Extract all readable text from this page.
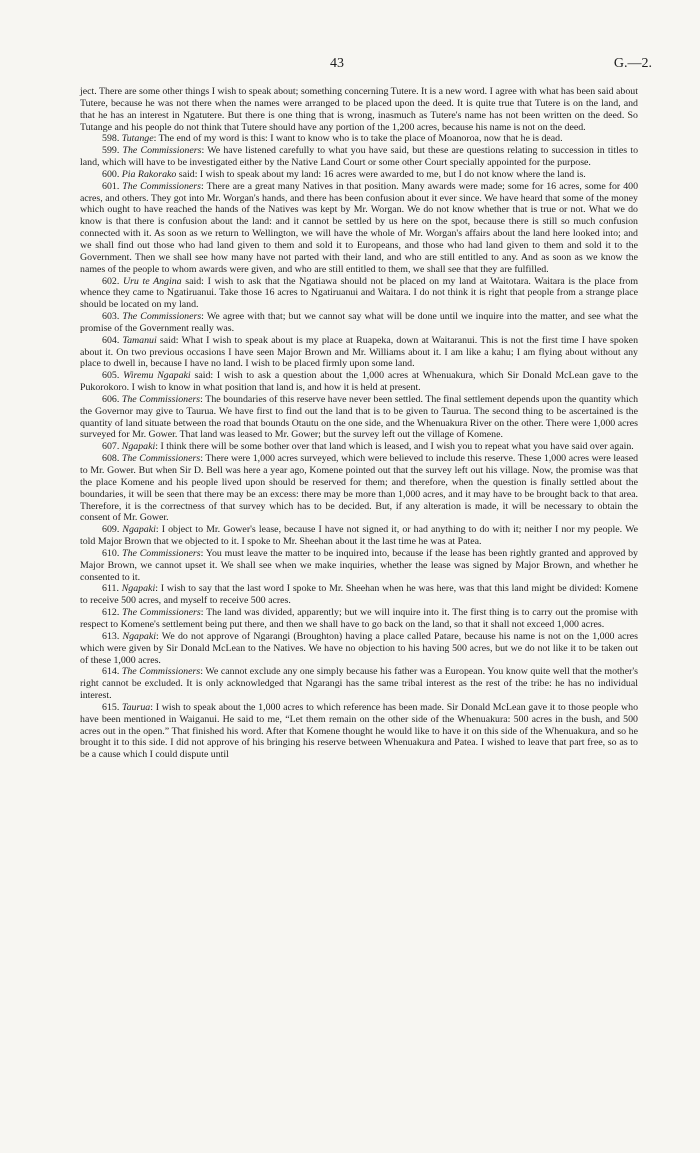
43	G.—2.

ject. There are some other things I wish to speak about; something concerning Tutere. It is a new word. I agree with what has been said about Tutere, because he was not there when the names were arranged to be placed upon the deed. It is quite true that Tutere is on the land, and that he has an interest in Ngatutere. But there is one thing that is wrong, inasmuch as Tutere's name has not been written on the deed. So Tutange and his people do not think that Tutere should have any portion of the 1,200 acres, because his name is not on the deed.

598. Tutange: The end of my word is this: I want to know who is to take the place of Moanoroa, now that he is dead.

599. The Commissioners: We have listened carefully to what you have said, but these are questions relating to succession in titles to land, which will have to be investigated either by the Native Land Court or some other Court specially appointed for the purpose.

600. Pia Rakorako said: I wish to speak about my land: 16 acres were awarded to me, but I do not know where the land is.

601. The Commissioners: There are a great many Natives in that position. Many awards were made; some for 16 acres, some for 400 acres, and others. They got into Mr. Worgan's hands, and there has been confusion about it ever since. We have heard that some of the money which ought to have reached the hands of the Natives was kept by Mr. Worgan. We do not know whether that is true or not. What we do know is that there is confusion about the land: and it cannot be settled by us here on the spot, because there is still so much confusion connected with it. As soon as we return to Wellington, we will have the whole of Mr. Worgan's affairs about the land here looked into; and we shall find out those who had land given to them and sold it to Europeans, and those who had land given to them and sold it to the Government. Then we shall see how many have not parted with their land, and who are still entitled to any. And as soon as we know the names of the people to whom awards were given, and who are still entitled to them, we shall see that they are fulfilled.

602. Uru te Angina said: I wish to ask that the Ngatiawa should not be placed on my land at Waitotara. Waitara is the place from whence they came to Ngatiruanui. Take those 16 acres to Ngatiruanui and Waitara. I do not think it is right that people from a strange place should be located on my land.

603. The Commissioners: We agree with that; but we cannot say what will be done until we inquire into the matter, and see what the promise of the Government really was.

604. Tamanui said: What I wish to speak about is my place at Ruapeka, down at Waitaranui. This is not the first time I have spoken about it. On two previous occasions I have seen Major Brown and Mr. Williams about it. I am like a kahu; I am flying about without any place to dwell in, because I have no land. I wish to be placed firmly upon some land.

605. Wiremu Ngapaki said: I wish to ask a question about the 1,000 acres at Whenuakura, which Sir Donald McLean gave to the Pukorokoro. I wish to know in what position that land is, and how it is held at present.

606. The Commissioners: The boundaries of this reserve have never been settled. The final settlement depends upon the quantity which the Governor may give to Taurua. We have first to find out the land that is to be given to Taurua. The second thing to be ascertained is the quantity of land situate between the road that bounds Otautu on the one side, and the Whenuakura River on the other. There were 1,000 acres surveyed for Mr. Gower. That land was leased to Mr. Gower; but the survey left out the village of Komene.

607. Ngapaki: I think there will be some bother over that land which is leased, and I wish you to repeat what you have said over again.

608. The Commissioners: There were 1,000 acres surveyed, which were believed to include this reserve. These 1,000 acres were leased to Mr. Gower. But when Sir D. Bell was here a year ago, Komene pointed out that the survey left out his village. Now, the promise was that the place Komene and his people lived upon should be reserved for them; and therefore, when the question is finally settled about the boundaries, it will be seen that there may be an excess: there may be more than 1,000 acres, and it may have to be brought back to that area. Therefore, it is the correctness of that survey which has to be decided. But, if any alteration is made, it will be necessary to obtain the consent of Mr. Gower.

609. Ngapaki: I object to Mr. Gower's lease, because I have not signed it, or had anything to do with it; neither I nor my people. We told Major Brown that we objected to it. I spoke to Mr. Sheehan about it the last time he was at Patea.

610. The Commissioners: You must leave the matter to be inquired into, because if the lease has been rightly granted and approved by Major Brown, we cannot upset it. We shall see when we make inquiries, whether the lease was signed by Major Brown, and whether he consented to it.

611. Ngapaki: I wish to say that the last word I spoke to Mr. Sheehan when he was here, was that this land might be divided: Komene to receive 500 acres, and myself to receive 500 acres.

612. The Commissioners: The land was divided, apparently; but we will inquire into it. The first thing is to carry out the promise with respect to Komene's settlement being put there, and then we shall have to go back on the land, so that it shall not exceed 1,000 acres.

613. Ngapaki: We do not approve of Ngarangi (Broughton) having a place called Patare, because his name is not on the 1,000 acres which were given by Sir Donald McLean to the Natives. We have no objection to his having 500 acres, but we do not like it to be taken out of these 1,000 acres.

614. The Commissioners: We cannot exclude any one simply because his father was a European. You know quite well that the mother's right cannot be excluded. It is only acknowledged that Ngarangi has the same tribal interest as the rest of the tribe: he has no individual interest.

615. Taurua: I wish to speak about the 1,000 acres to which reference has been made. Sir Donald McLean gave it to those people who have been mentioned in Waiganui. He said to me, “Let them remain on the other side of the Whenuakura: 500 acres in the bush, and 500 acres out in the open.” That finished his word. After that Komene thought he would like to have it on this side of the Whenuakura, and so he brought it to this side. I did not approve of his bringing his reserve between Whenuakura and Patea. I wished to leave that part free, so as to be a cause which I could dispute until
